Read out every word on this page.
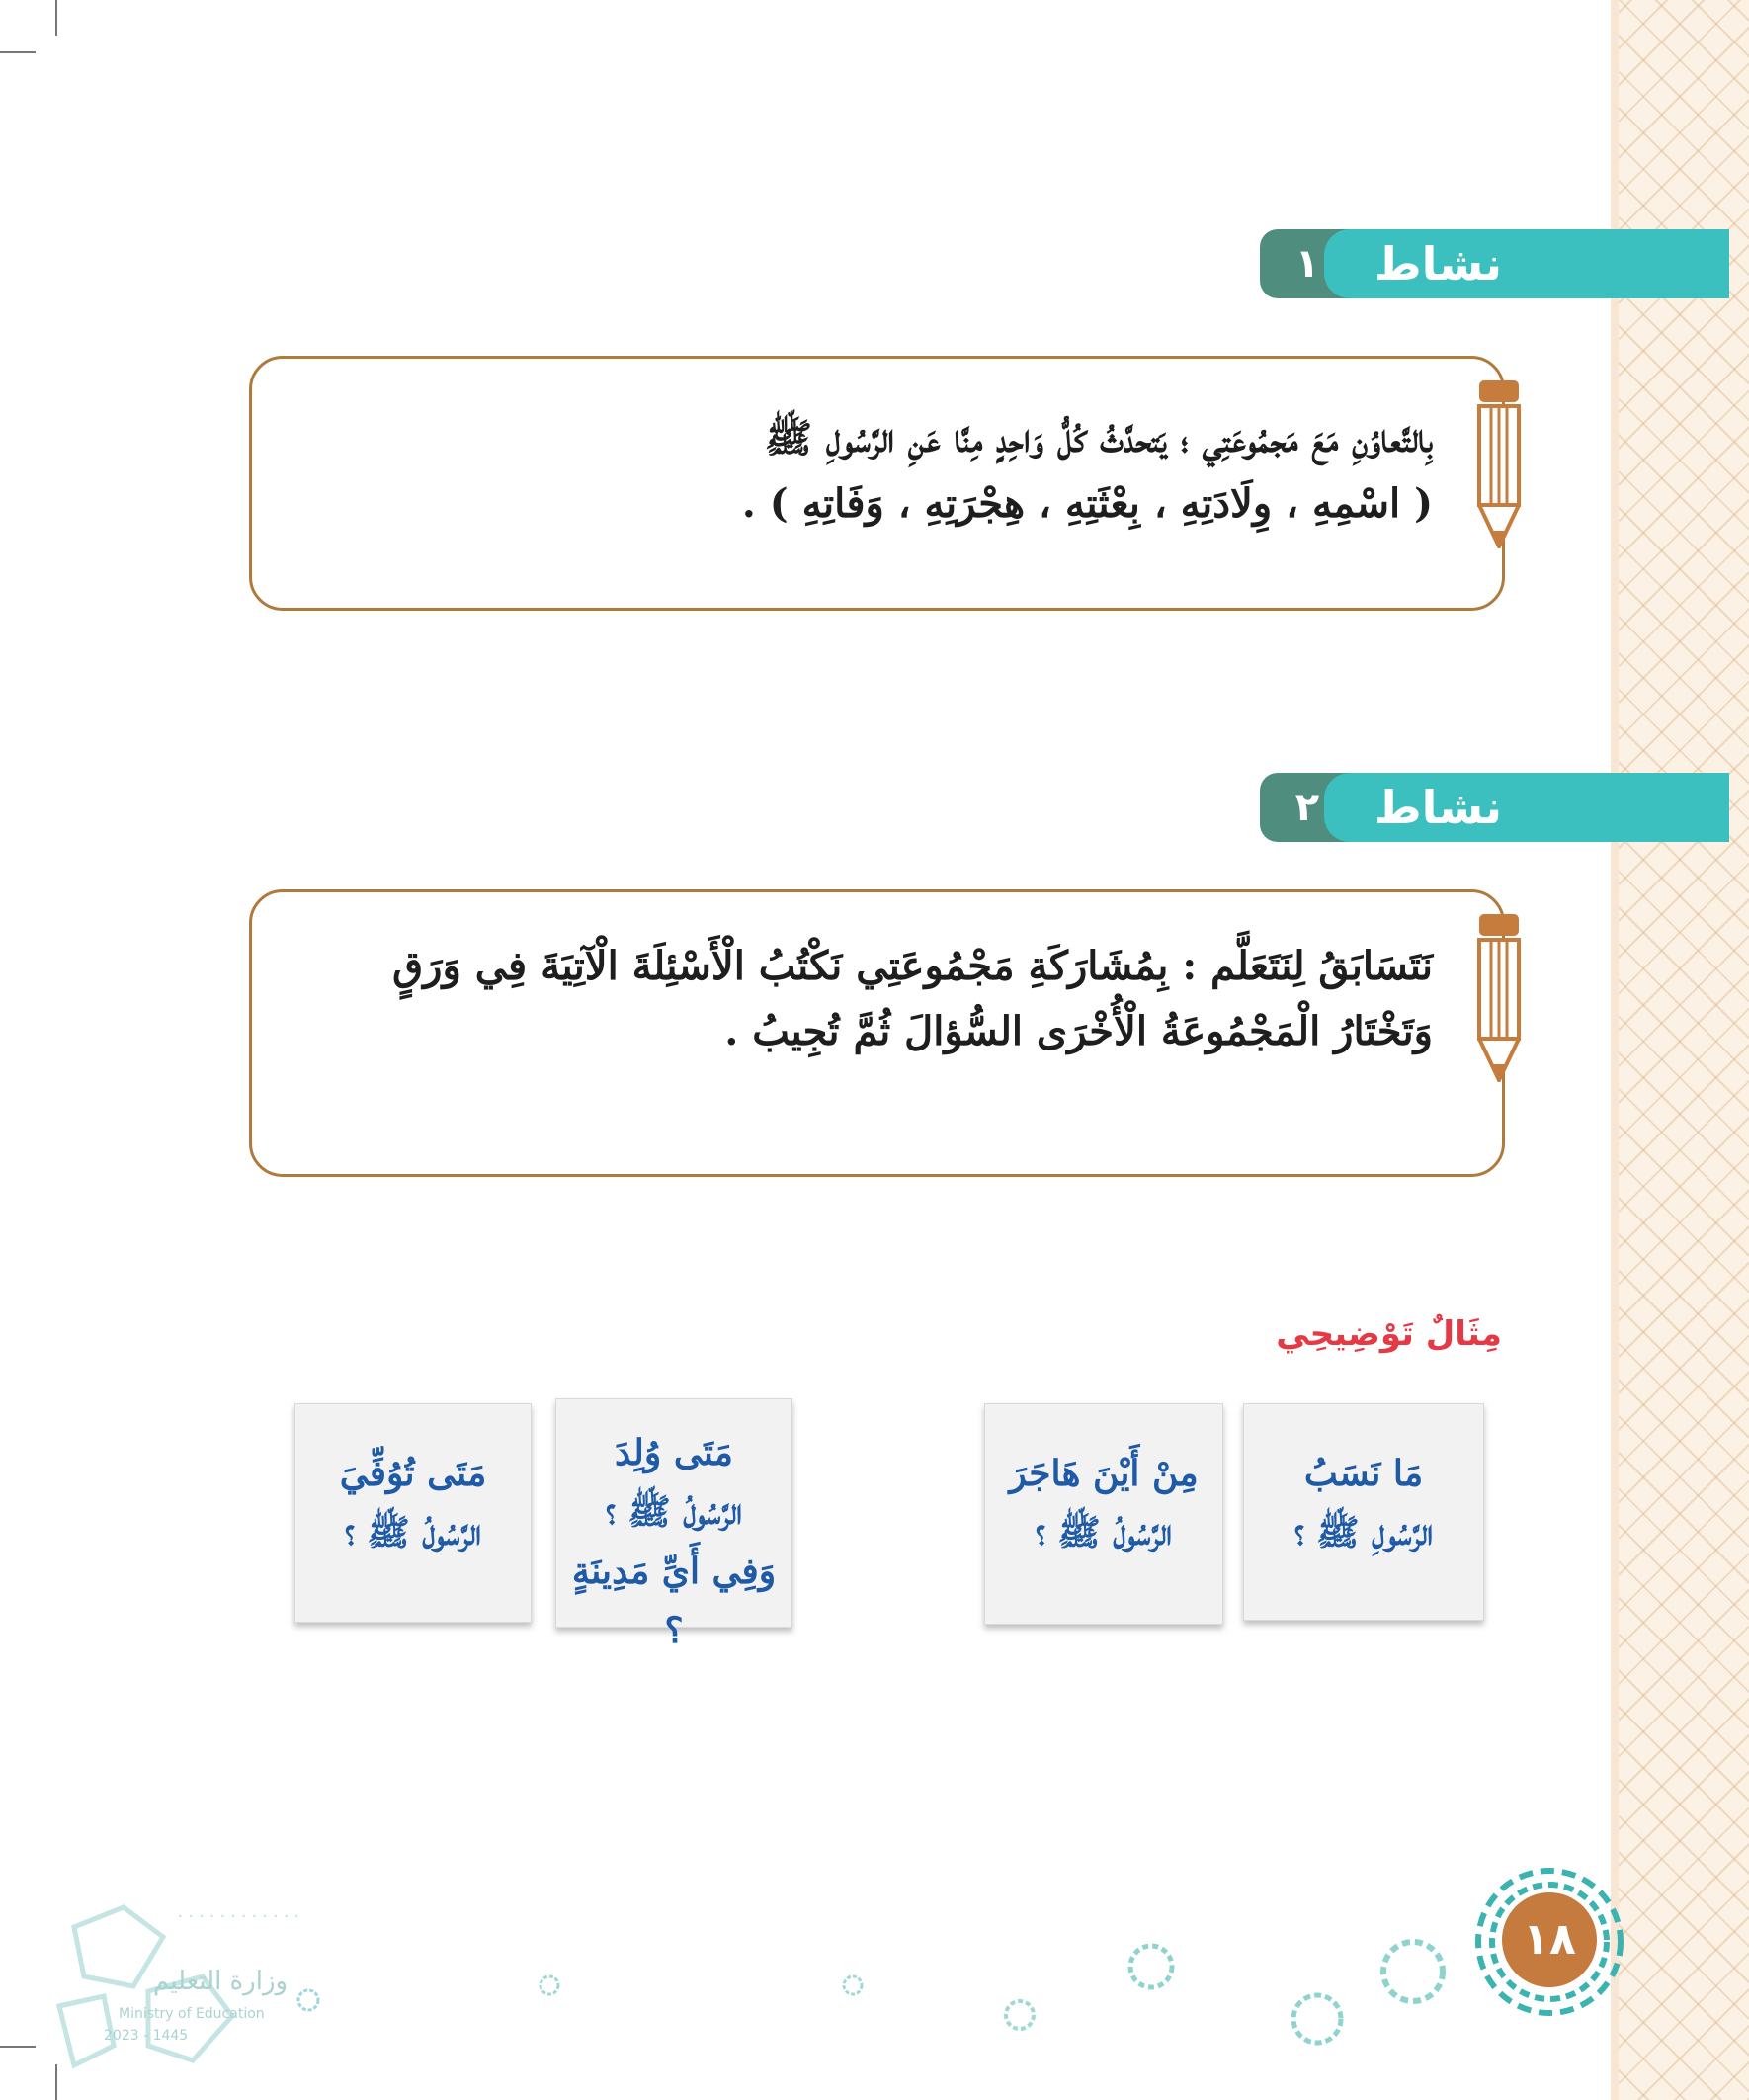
١	نشاط
بِالتَّعاوُنِ مَعَ مَجمُوعَتِي ؛ يَتحدَّثُ كُلُّ وَاحِدٍ مِنَّا عَنِ الرَّسُولِ ﷺ
( اسْمِهِ ، وِلَادَتِهِ ، بِعْثَتِهِ ، هِجْرَتِهِ ، وَفَاتِهِ ) .
٢	نشاط
نَتَسَابَقُ لِنَتَعَلَّم : بِمُشَارَكَةِ مَجْمُوعَتِي نَكْتُبُ الْأَسْئِلَةَ الْآتِيَةَ فِي وَرَقٍ
وَتَخْتَارُ الْمَجْمُوعَةُ الْأُخْرَى السُّؤالَ ثُمَّ تُجِيبُ .
مِثَالٌ تَوْضِيحِي
مَا نَسَبُ
الرَّسُولِ ﷺ ؟
مِنْ أَيْنَ هَاجَرَ
الرَّسُولُ ﷺ ؟
مَتَى وُلِدَ
الرَّسُولُ ﷺ ؟
وَفِي أَيِّ مَدِينَةٍ ؟
مَتَى تُوُفِّيَ
الرَّسُولُ ﷺ ؟
١٨
••••••••••••
وزارة التعليم
Ministry of Education
2023 - 1445
